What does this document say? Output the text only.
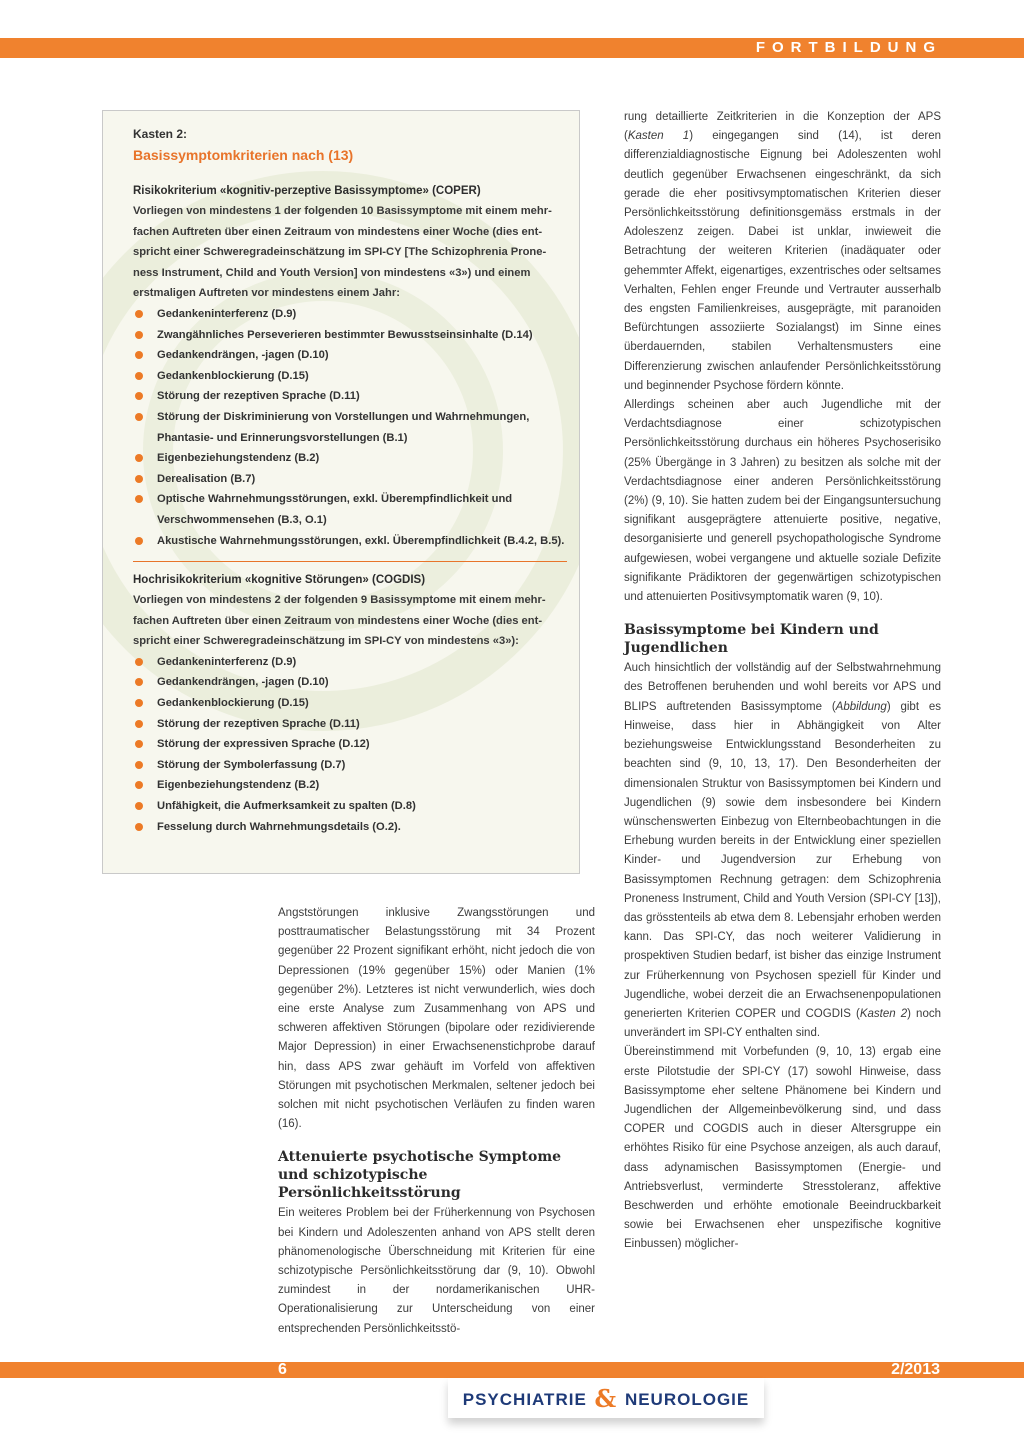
FORTBILDUNG
Kasten 2:
Basissymptomkriterien nach (13)
Risikokriterium «kognitiv-perzeptive Basissymptome» (COPER)
Vorliegen von mindestens 1 der folgenden 10 Basissymptome mit einem mehr-
fachen Auftreten über einen Zeitraum von mindestens einer Woche (dies ent-
spricht einer Schweregradeinschätzung im SPI-CY [The Schizophrenia Prone-
ness Instrument, Child and Youth Version] von mindestens «3») und einem
erstmaligen Auftreten vor mindestens einem Jahr:
Gedankeninterferenz (D.9)
Zwangähnliches Perseverieren bestimmter Bewusstseinsinhalte (D.14)
Gedankendrängen, -jagen (D.10)
Gedankenblockierung (D.15)
Störung der rezeptiven Sprache (D.11)
Störung der Diskriminierung von Vorstellungen und Wahrnehmungen, Phantasie- und Erinnerungsvorstellungen (B.1)
Eigenbeziehungstendenz (B.2)
Derealisation (B.7)
Optische Wahrnehmungsstörungen, exkl. Überempfindlichkeit und Verschwommensehen (B.3, O.1)
Akustische Wahrnehmungsstörungen, exkl. Überempfindlichkeit (B.4.2, B.5).
Hochrisikokriterium «kognitive Störungen» (COGDIS)
Vorliegen von mindestens 2 der folgenden 9 Basissymptome mit einem mehr-
fachen Auftreten über einen Zeitraum von mindestens einer Woche (dies ent-
spricht einer Schweregradeinschätzung im SPI-CY von mindestens «3»):
Gedankeninterferenz (D.9)
Gedankendrängen, -jagen (D.10)
Gedankenblockierung (D.15)
Störung der rezeptiven Sprache (D.11)
Störung der expressiven Sprache (D.12)
Störung der Symbolerfassung (D.7)
Eigenbeziehungstendenz (B.2)
Unfähigkeit, die Aufmerksamkeit zu spalten (D.8)
Fesselung durch Wahrnehmungsdetails (O.2).

Angststörungen inklusive Zwangsstörungen und posttraumatischer Belastungsstörung mit 34 Prozent gegenüber 22 Prozent signifikant erhöht, nicht jedoch die von Depressionen (19% gegenüber 15%) oder Manien (1% gegenüber 2%). Letzteres ist nicht verwunderlich, wies doch eine erste Analyse zum Zusammenhang von APS und schweren affektiven Störungen (bipolare oder rezidivierende Major Depression) in einer Erwachsenenstichprobe darauf hin, dass APS zwar gehäuft im Vorfeld von affektiven Störungen mit psychotischen Merkmalen, seltener jedoch bei solchen mit nicht psychotischen Verläufen zu finden waren (16).

Attenuierte psychotische Symptome und schizotypische Persönlichkeitsstörung

Ein weiteres Problem bei der Früherkennung von Psychosen bei Kindern und Adoleszenten anhand von APS stellt deren phänomenologische Überschneidung mit Kriterien für eine schizotypische Persönlichkeitsstörung dar (9, 10). Obwohl zumindest in der nordamerikanischen UHR-Operationalisierung zur Unterscheidung von einer entsprechenden Persönlichkeitsstö-

rung detaillierte Zeitkriterien in die Konzeption der APS (Kasten 1) eingegangen sind (14), ist deren differenzialdiagnostische Eignung bei Adoleszenten wohl deutlich gegenüber Erwachsenen eingeschränkt, da sich gerade die eher positivsymptomatischen Kriterien dieser Persönlichkeitsstörung definitionsgemäss erstmals in der Adoleszenz zeigen. Dabei ist unklar, inwieweit die Betrachtung der weiteren Kriterien (inadäquater oder gehemmter Affekt, eigenartiges, exzentrisches oder seltsames Verhalten, Fehlen enger Freunde und Vertrauter ausserhalb des engsten Familienkreises, ausgeprägte, mit paranoiden Befürchtungen assoziierte Sozialangst) im Sinne eines überdauernden, stabilen Verhaltensmusters eine Differenzierung zwischen anlaufender Persönlichkeitsstörung und beginnender Psychose fördern könnte.

Allerdings scheinen aber auch Jugendliche mit der Verdachtsdiagnose einer schizotypischen Persönlichkeitsstörung durchaus ein höheres Psychoserisiko (25% Übergänge in 3 Jahren) zu besitzen als solche mit der Verdachtsdiagnose einer anderen Persönlichkeitsstörung (2%) (9, 10). Sie hatten zudem bei der Eingangsuntersuchung signifikant ausgeprägtere attenuierte positive, negative, desorganisierte und generell psychopathologische Syndrome aufgewiesen, wobei vergangene und aktuelle soziale Defizite signifikante Prädiktoren der gegenwärtigen schizotypischen und attenuierten Positivsymptomatik waren (9, 10).

Basissymptome bei Kindern und Jugendlichen

Auch hinsichtlich der vollständig auf der Selbstwahrnehmung des Betroffenen beruhenden und wohl bereits vor APS und BLIPS auftretenden Basissymptome (Abbildung) gibt es Hinweise, dass hier in Abhängigkeit von Alter beziehungsweise Entwicklungsstand Besonderheiten zu beachten sind (9, 10, 13, 17). Den Besonderheiten der dimensionalen Struktur von Basissymptomen bei Kindern und Jugendlichen (9) sowie dem insbesondere bei Kindern wünschenswerten Einbezug von Elternbeobachtungen in die Erhebung wurden bereits in der Entwicklung einer speziellen Kinder- und Jugendversion zur Erhebung von Basissymptomen Rechnung getragen: dem Schizophrenia Proneness Instrument, Child and Youth Version (SPI-CY [13]), das grösstenteils ab etwa dem 8. Lebensjahr erhoben werden kann. Das SPI-CY, das noch weiterer Validierung in prospektiven Studien bedarf, ist bisher das einzige Instrument zur Früherkennung von Psychosen speziell für Kinder und Jugendliche, wobei derzeit die an Erwachsenenpopulationen generierten Kriterien COPER und COGDIS (Kasten 2) noch unverändert im SPI-CY enthalten sind.

Übereinstimmend mit Vorbefunden (9, 10, 13) ergab eine erste Pilotstudie der SPI-CY (17) sowohl Hinweise, dass Basissymptome eher seltene Phänomene bei Kindern und Jugendlichen der Allgemeinbevölkerung sind, und dass COPER und COGDIS auch in dieser Altersgruppe ein erhöhtes Risiko für eine Psychose anzeigen, als auch darauf, dass adynamischen Basissymptomen (Energie- und Antriebsverlust, verminderte Stresstoleranz, affektive Beschwerden und erhöhte emotionale Beeindruckbarkeit sowie bei Erwachsenen eher unspezifische kognitive Einbussen) möglicher-

6	2/2013
PSYCHIATRIE & NEUROLOGIE
